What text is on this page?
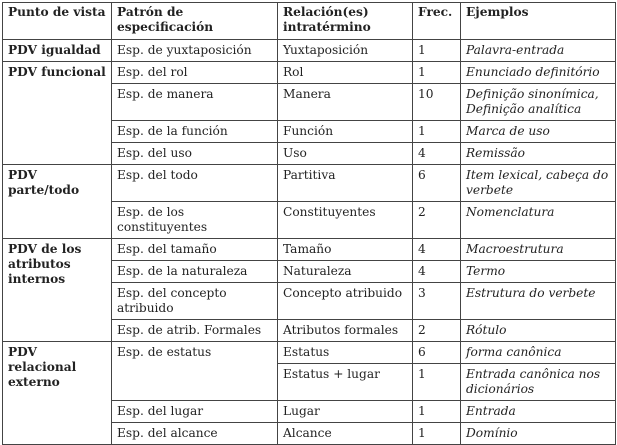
Punto de vista	Patrón de especificación	Relación(es) intratérmino	Frec.	Ejemplos
PDV igualdad	Esp. de yuxtaposición	Yuxtaposición	1	Palavra-entrada
PDV funcional	Esp. del rol	Rol	1	Enunciado definitório
	Esp. de manera	Manera	10	Definição sinonímica, Definição analítica
	Esp. de la función	Función	1	Marca de uso
	Esp. del uso	Uso	4	Remissão
PDV parte/todo	Esp. del todo	Partitiva	6	Item lexical, cabeça do verbete
	Esp. de los constituyentes	Constituyentes	2	Nomenclatura
PDV de los atributos internos	Esp. del tamaño	Tamaño	4	Macroestrutura
	Esp. de la naturaleza	Naturaleza	4	Termo
	Esp. del concepto atribuido	Concepto atribuido	3	Estrutura do verbete
	Esp. de atrib. Formales	Atributos formales	2	Rótulo
PDV relacional externo	Esp. de estatus	Estatus	6	forma canônica
		Estatus + lugar	1	Entrada canônica nos dicionários
	Esp. del lugar	Lugar	1	Entrada
	Esp. del alcance	Alcance	1	Domínio
